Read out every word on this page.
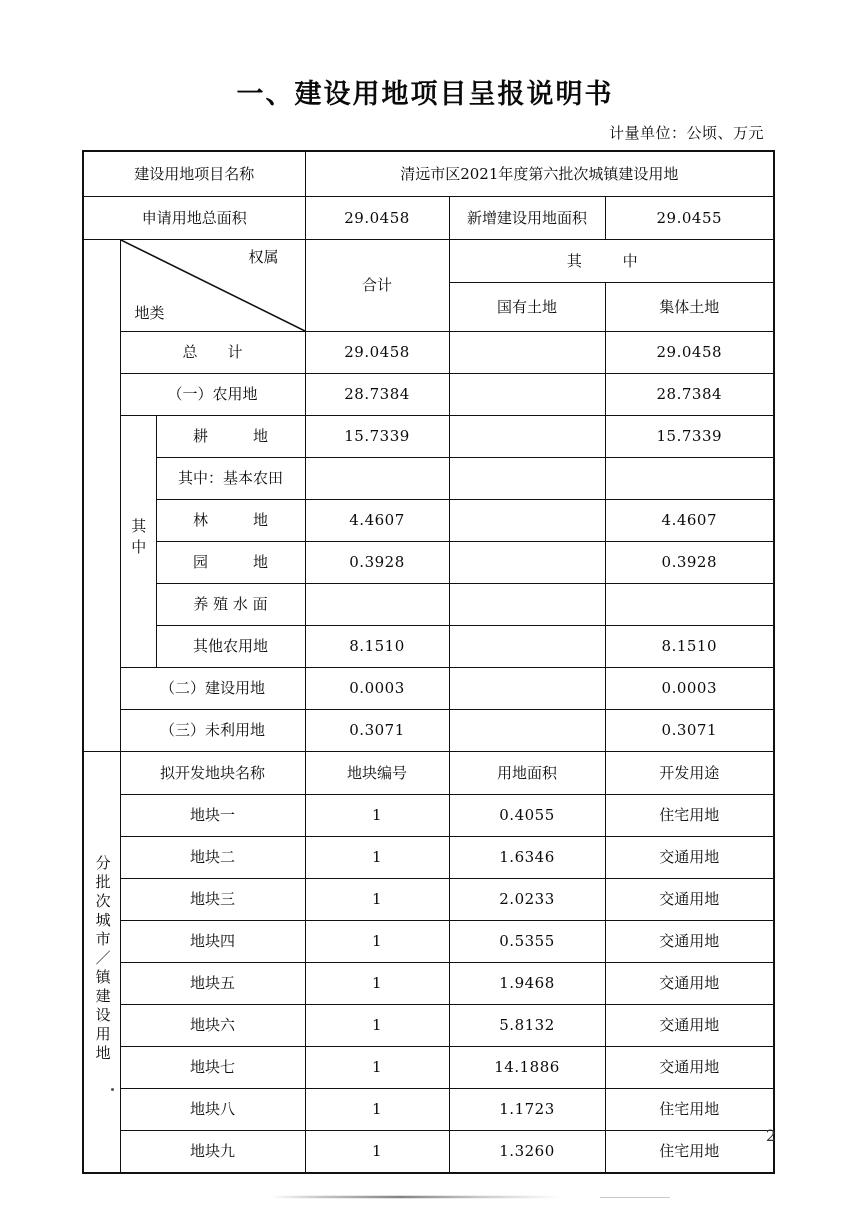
一、建设用地项目呈报说明书
计量单位：公顷、万元
建设用地项目名称			清远市区2021年度第六批次城镇建设用地		
申请用地总面积			29.0458	新增建设用地面积	29.0455

	权属
地类		合计	其 中	
				国有土地	集体土地
	总　　计		29.0458		29.0458
	（一）农用地		28.7384		28.7384
	其中	耕　　　地	15.7339		15.7339
		其中：基本农田			
		林　　　地	4.4607		4.4607
		园　　　地	0.3928		0.3928
		养 殖 水 面			
		其他农用地	8.1510		8.1510
	（二）建设用地		0.0003		0.0003
	（三）未利用地		0.3071		0.3071
分批次城市／镇建设用地	拟开发地块名称		地块编号	用地面积	开发用途
	地块一		1	0.4055	住宅用地
	地块二		1	1.6346	交通用地
	地块三		1	2.0233	交通用地
	地块四		1	0.5355	交通用地
	地块五		1	1.9468	交通用地
	地块六		1	5.8132	交通用地
	地块七		1	14.1886	交通用地
	地块八		1	1.1723	住宅用地
	地块九		1	1.3260	住宅用地
2
